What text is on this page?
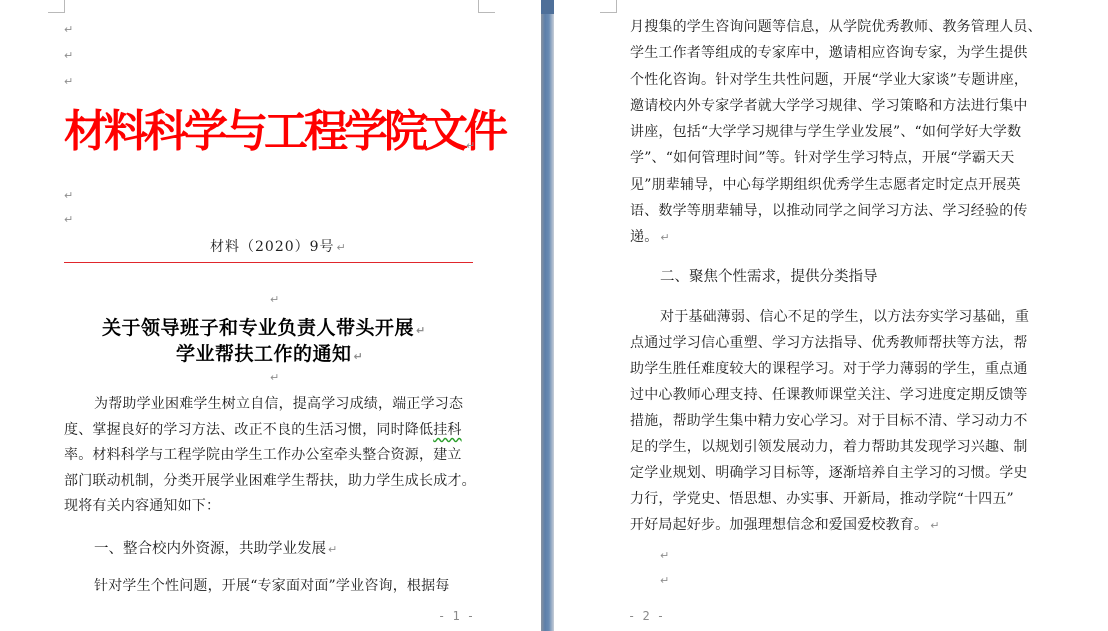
↵
↵
↵
材料科学与工程学院文件
↵
↵
↵
材料（2020）9号↵
↵
关于领导班子和专业负责人带头开展↵
学业帮扶工作的通知↵
↵
为帮助学业困难学生树立自信，提高学习成绩，端正学习态
度、掌握良好的学习方法、改正不良的生活习惯，同时降低挂科
率。材料科学与工程学院由学生工作办公室牵头整合资源，建立
部门联动机制，分类开展学业困难学生帮扶，助力学生成长成才。
现将有关内容通知如下：
一、整合校内外资源，共助学业发展↵
针对学生个性问题，开展“专家面对面”学业咨询，根据每
- 1 -
月搜集的学生咨询问题等信息，从学院优秀教师、教务管理人员、
学生工作者等组成的专家库中，邀请相应咨询专家，为学生提供
个性化咨询。针对学生共性问题，开展“学业大家谈”专题讲座，
邀请校内外专家学者就大学学习规律、学习策略和方法进行集中
讲座，包括“大学学习规律与学生学业发展”、“如何学好大学数
学”、“如何管理时间”等。针对学生学习特点，开展“学霸天天
见”朋辈辅导，中心每学期组织优秀学生志愿者定时定点开展英
语、数学等朋辈辅导，以推动同学之间学习方法、学习经验的传
递。↵
二、聚焦个性需求，提供分类指导
对于基础薄弱、信心不足的学生，以方法夯实学习基础，重
点通过学习信心重塑、学习方法指导、优秀教师帮扶等方法，帮
助学生胜任难度较大的课程学习。对于学力薄弱的学生，重点通
过中心教师心理支持、任课教师课堂关注、学习进度定期反馈等
措施，帮助学生集中精力安心学习。对于目标不清、学习动力不
足的学生，以规划引领发展动力，着力帮助其发现学习兴趣、制
定学业规划、明确学习目标等，逐渐培养自主学习的习惯。学史
力行，学党史、悟思想、办实事、开新局，推动学院“十四五”
开好局起好步。加强理想信念和爱国爱校教育。↵
↵
↵
- 2 -
